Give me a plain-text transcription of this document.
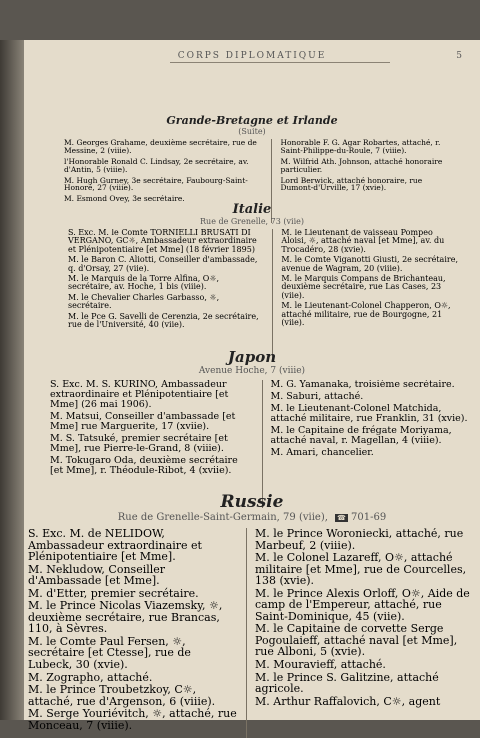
CORPS DIPLOMATIQUE	5
Grande-Bretagne et Irlande
(Suite)

M. Georges Grahame, deuxième secrétaire, rue de Messine, 2 (viiie).

l'Honorable Ronald C. Lindsay, 2e secrétaire, av. d'Antin, 5 (viiie).

M. Hugh Gurney, 3e secrétaire, Faubourg-Saint-Honoré, 27 (viiie).

M. Esmond Ovey, 3e secrétaire.

Honorable F. G. Agar Robartes, attaché, r. Saint-Philippe-du-Roule, 7 (viiie).

M. Wilfrid Ath. Johnson, attaché honoraire particulier.

Lord Berwick, attaché honoraire, rue Dumont-d'Urville, 17 (xvie).

Italie
Rue de Grenelle, 73 (viie)

S. Exc. M. le Comte TORNIELLI BRUSATI DI VERGANO, GC☼, Ambassadeur extraordinaire et Plénipotentiaire [et Mme] (18 février 1895)

M. le Baron C. Aliotti, Conseiller d'ambassade, q. d'Orsay, 27 (viie).

M. le Marquis de la Torre Alfina, O☼, secrétaire, av. Hoche, 1 bis (viiie).

M. le Chevalier Charles Garbasso, ☼, secrétaire.

M. le Pce G. Savelli de Cerenzia, 2e secrétaire, rue de l'Université, 40 (viie).

M. le Lieutenant de vaisseau Pompeo Aloisi, ☼, attaché naval [et Mme], av. du Trocadéro, 28 (xvie).

M. le Comte Viganotti Giusti, 2e secrétaire, avenue de Wagram, 20 (viiie).

M. le Marquis Compans de Brichanteau, deuxième secrétaire, rue Las Cases, 23 (viie).

M. le Lieutenant-Colonel Chapperon, O☼, attaché militaire, rue de Bourgogne, 21 (viie).

Japon
Avenue Hoche, 7 (viiie)

S. Exc. M. S. KURINO, Ambassadeur extraordinaire et Plénipotentiaire [et Mme] (26 mai 1906).

M. Matsui, Conseiller d'ambassade [et Mme] rue Marguerite, 17 (xviie).

M. S. Tatsuké, premier secrétaire [et Mme], rue Pierre-le-Grand, 8 (viiie).

M. Tokugaro Oda, deuxième secrétaire [et Mme], r. Théodule-Ribot, 4 (xviie).

M. G. Yamanaka, troisième secrétaire.

M. Saburi, attaché.

M. le Lieutenant-Colonel Matchida, attaché militaire, rue Franklin, 31 (xvie).

M. le Capitaine de frégate Moriyama, attaché naval, r. Magellan, 4 (viiie).

M. Amari, chancelier.

Russie
Rue de Grenelle-Saint-Germain, 79 (viie), ☎ 701-69

S. Exc. M. de NÉLIDOW, Ambassadeur extraordinaire et Plénipotentiaire [et Mme].

M. Nekludow, Conseiller d'Ambassade [et Mme].

M. d'Etter, premier secrétaire.

M. le Prince Nicolas Viazemsky, ☼, deuxième secrétaire, rue Brancas, 110, à Sèvres.

M. le Comte Paul Fersen, ☼, secrétaire [et Ctesse], rue de Lubeck, 30 (xvie).

M. Zographo, attaché.

M. le Prince Troubetzkoy, C☼, attaché, rue d'Argenson, 6 (viiie).

M. Serge Youriévitch, ☼, attaché, rue Monceau, 7 (viiie).

M. le Prince Woroniecki, attaché, rue Marbeuf, 2 (viiie).

M. le Colonel Lazareff, O☼, attaché militaire [et Mme], rue de Courcelles, 138 (xvie).

M. le Prince Alexis Orloff, O☼, Aide de camp de l'Empereur, attaché, rue Saint-Dominique, 45 (viie).

M. le Capitaine de corvette Serge Pogoulaieff, attaché naval [et Mme], rue Alboni, 5 (xvie).

M. Mouravieff, attaché.

M. le Prince S. Galitzine, attaché agricole.

M. Arthur Raffalovich, C☼, agent
